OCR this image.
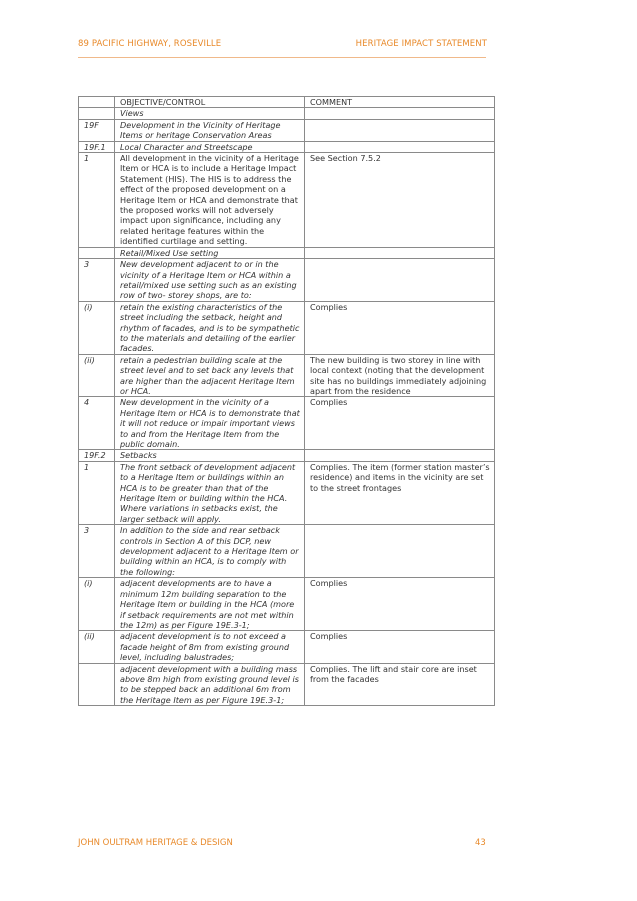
89 PACIFIC HIGHWAY, ROSEVILLE	HERITAGE IMPACT STATEMENT
	OBJECTIVE/CONTROL	COMMENT
	Views	
19F	Development in the Vicinity of Heritage Items or heritage Conservation Areas	
19F.1	Local Character and Streetscape	
1	All development in the vicinity of a Heritage Item or HCA is to include a Heritage Impact Statement (HIS). The HIS is to address the effect of the proposed development on a Heritage Item or HCA and demonstrate that the proposed works will not adversely impact upon significance, including any related heritage features within the identified curtilage and setting.	See Section 7.5.2
	Retail/Mixed Use setting	
3	New development adjacent to or in the vicinity of a Heritage Item or HCA within a retail/mixed use setting such as an existing row of two- storey shops, are to:	
(i)	retain the existing characteristics of the street including the setback, height and rhythm of facades, and is to be sympathetic to the materials and detailing of the earlier facades.	Complies
(ii)	retain a pedestrian building scale at the street level and to set back any levels that are higher than the adjacent Heritage Item or HCA.	The new building is two storey in line with local context (noting that the development site has no buildings immediately adjoining apart from the residence
4	New development in the vicinity of a Heritage Item or HCA is to demonstrate that it will not reduce or impair important views to and from the Heritage Item from the public domain.	Complies
19F.2	Setbacks	
1	The front setback of development adjacent to a Heritage Item or buildings within an HCA is to be greater than that of the Heritage Item or building within the HCA. Where variations in setbacks exist, the larger setback will apply.	Complies. The item (former station master’s residence) and items in the vicinity are set to the street frontages
3	In addition to the side and rear setback controls in Section A of this DCP, new development adjacent to a Heritage Item or building within an HCA, is to comply with the following:	
(i)	adjacent developments are to have a minimum 12m building separation to the Heritage Item or building in the HCA (more if setback requirements are not met within the 12m) as per Figure 19E.3-1;	Complies
(ii)	adjacent development is to not exceed a facade height of 8m from existing ground level, including balustrades;	Complies
	adjacent development with a building mass above 8m high from existing ground level is to be stepped back an additional 6m from the Heritage Item as per Figure 19E.3-1;	Complies. The lift and stair core are inset from the facades
JOHN OULTRAM HERITAGE & DESIGN	43
